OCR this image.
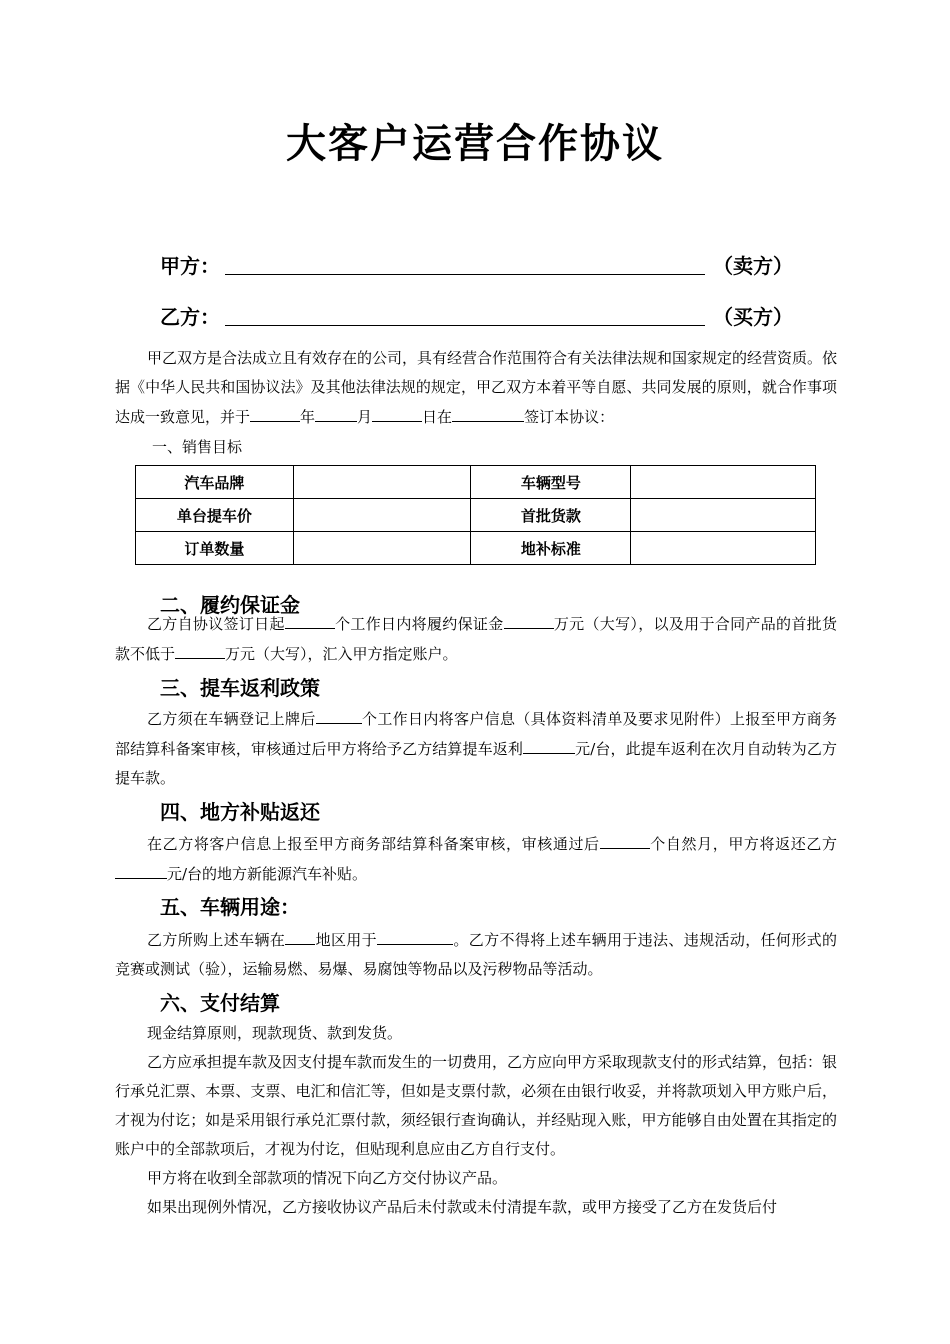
大客户运营合作协议
甲方：	（卖方）
乙方：	（买方）
甲乙双方是合法成立且有效存在的公司，具有经营合作范围符合有关法律法规和国家规定的经营资质。依据《中华人民共和国协议法》及其他法律法规的规定，甲乙双方本着平等自愿、共同发展的原则，就合作事项达成一致意见，并于	年	月	日在	签订本协议：
一、销售目标
汽车品牌		车辆型号	
单台提车价		首批货款	
订单数量		地补标准	
二、履约保证金
乙方自协议签订日起	个工作日内将履约保证金	万元（大写），以及用于合同产品的首批货款不低于	万元（大写），汇入甲方指定账户。
三、提车返利政策
乙方须在车辆登记上牌后	个工作日内将客户信息（具体资料清单及要求见附件）上报至甲方商务部结算科备案审核，审核通过后甲方将给予乙方结算提车返利	元/台，此提车返利在次月自动转为乙方提车款。
四、地方补贴返还
在乙方将客户信息上报至甲方商务部结算科备案审核，审核通过后	个自然月，甲方将返还乙方元/台的地方新能源汽车补贴。
五、车辆用途：
乙方所购上述车辆在 地区用于	。乙方不得将上述车辆用于违法、违规活动，任何形式的竞赛或测试（验），运输易燃、易爆、易腐蚀等物品以及污秽物品等活动。
六、支付结算
现金结算原则，现款现货、款到发货。
乙方应承担提车款及因支付提车款而发生的一切费用，乙方应向甲方采取现款支付的形式结算，包括：银行承兑汇票、本票、支票、电汇和信汇等，但如是支票付款，必须在由银行收妥，并将款项划入甲方账户后，才视为付讫；如是采用银行承兑汇票付款，须经银行查询确认，并经贴现入账，甲方能够自由处置在其指定的账户中的全部款项后，才视为付讫，但贴现利息应由乙方自行支付。
甲方将在收到全部款项的情况下向乙方交付协议产品。
如果出现例外情况，乙方接收协议产品后未付款或未付清提车款，或甲方接受了乙方在发货后付
